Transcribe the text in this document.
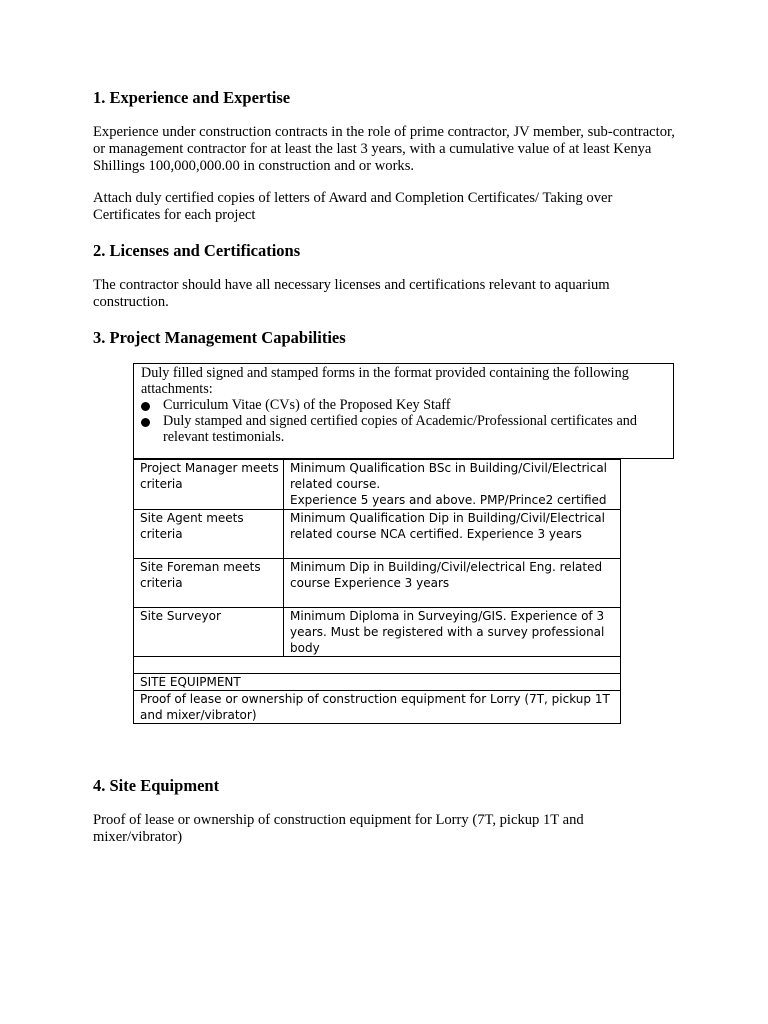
1. Experience and Expertise

Experience under construction contracts in the role of prime contractor, JV member, sub-contractor, or management contractor for at least the last 3 years, with a cumulative value of at least Kenya Shillings 100,000,000.00 in construction and or works.

Attach duly certified copies of letters of Award and Completion Certificates/ Taking over Certificates for each project

2. Licenses and Certifications

The contractor should have all necessary licenses and certifications relevant to aquarium construction.

3. Project Management Capabilities
Duly filled signed and stamped forms in the format provided containing the following attachments:
Curriculum Vitae (CVs) of the Proposed Key Staff
Duly stamped and signed certified copies of Academic/Professional certificates and relevant testimonials.
Project Manager meets criteria	Minimum Qualification BSc in Building/Civil/Electrical related course.
Experience 5 years and above. PMP/Prince2 certified

Site Agent meets criteria	Minimum Qualification Dip in Building/Civil/Electrical related course NCA certified. Experience 3 years
Site Foreman meets criteria	Minimum Dip in Building/Civil/electrical Eng. related course Experience 3 years
Site Surveyor	Minimum Diploma in Surveying/GIS. Experience of 3 years. Must be registered with a survey professional body

SITE EQUIPMENT	
Proof of lease or ownership of construction equipment for Lorry (7T, pickup 1T and mixer/vibrator)	
4. Site Equipment

Proof of lease or ownership of construction equipment for Lorry (7T, pickup 1T and mixer/vibrator)
